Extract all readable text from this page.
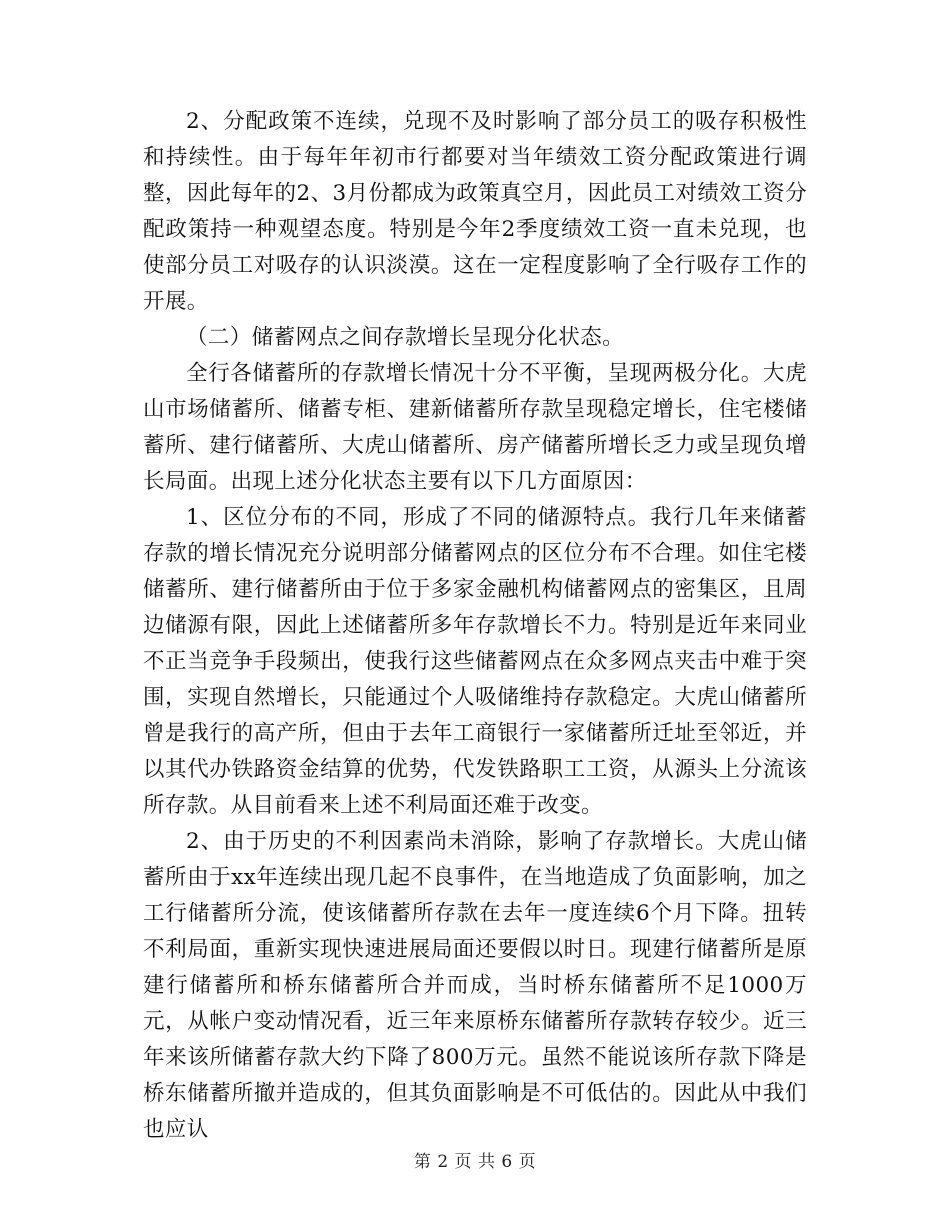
2、分配政策不连续，兑现不及时影响了部分员工的吸存积极性和持续性。由于每年年初市行都要对当年绩效工资分配政策进行调整，因此每年的2、3月份都成为政策真空月，因此员工对绩效工资分配政策持一种观望态度。特别是今年2季度绩效工资一直未兑现，也使部分员工对吸存的认识淡漠。这在一定程度影响了全行吸存工作的开展。

（二）储蓄网点之间存款增长呈现分化状态。

全行各储蓄所的存款增长情况十分不平衡，呈现两极分化。大虎山市场储蓄所、储蓄专柜、建新储蓄所存款呈现稳定增长，住宅楼储蓄所、建行储蓄所、大虎山储蓄所、房产储蓄所增长乏力或呈现负增长局面。出现上述分化状态主要有以下几方面原因：

1、区位分布的不同，形成了不同的储源特点。我行几年来储蓄存款的增长情况充分说明部分储蓄网点的区位分布不合理。如住宅楼储蓄所、建行储蓄所由于位于多家金融机构储蓄网点的密集区，且周边储源有限，因此上述储蓄所多年存款增长不力。特别是近年来同业不正当竞争手段频出，使我行这些储蓄网点在众多网点夹击中难于突围，实现自然增长，只能通过个人吸储维持存款稳定。大虎山储蓄所曾是我行的高产所，但由于去年工商银行一家储蓄所迁址至邻近，并以其代办铁路资金结算的优势，代发铁路职工工资，从源头上分流该所存款。从目前看来上述不利局面还难于改变。

2、由于历史的不利因素尚未消除，影响了存款增长。大虎山储蓄所由于xx年连续出现几起不良事件，在当地造成了负面影响，加之工行储蓄所分流，使该储蓄所存款在去年一度连续6个月下降。扭转不利局面，重新实现快速进展局面还要假以时日。现建行储蓄所是原建行储蓄所和桥东储蓄所合并而成，当时桥东储蓄所不足1000万元，从帐户变动情况看，近三年来原桥东储蓄所存款转存较少。近三年来该所储蓄存款大约下降了800万元。虽然不能说该所存款下降是桥东储蓄所撤并造成的，但其负面影响是不可低估的。因此从中我们也应认

第 2 页 共 6 页
